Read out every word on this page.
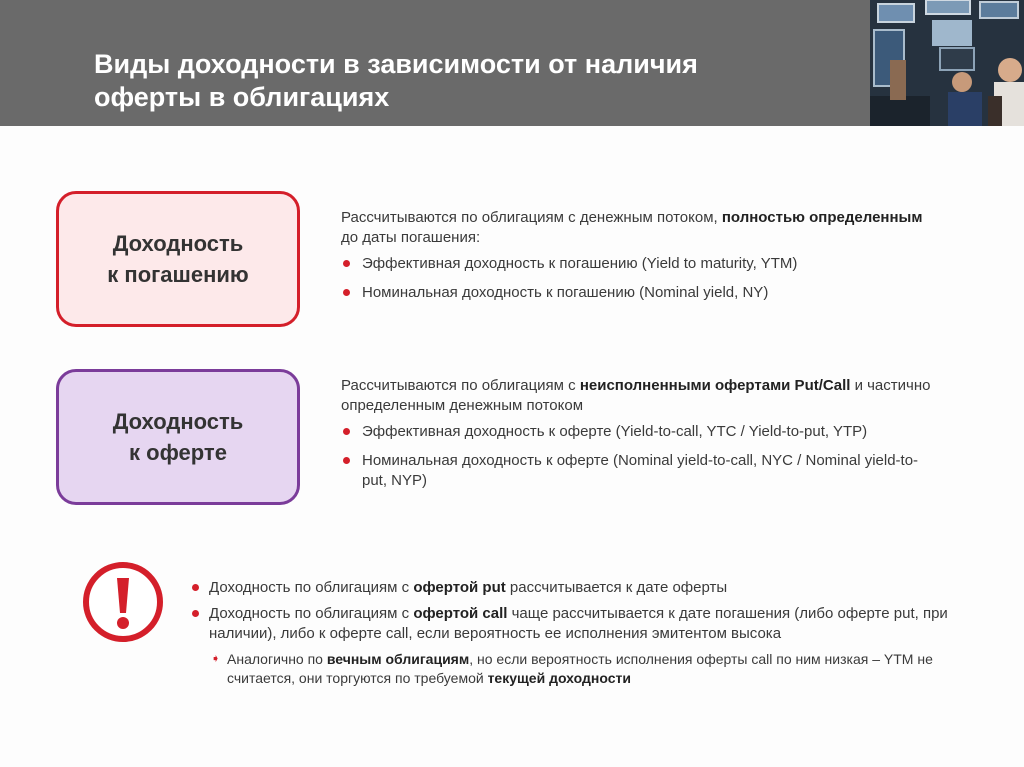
Виды доходности в зависимости от наличия
оферты в облигациях
Доходность
к погашению

Рассчитываются по облигациям с денежным потоком, полностью определенным до даты погашения:

Эффективная доходность к погашению (Yield to maturity, YTM)
Номинальная доходность к погашению (Nominal yield, NY)
Доходность
к оферте

Рассчитываются по облигациям с неисполненными офертами Put/Call и частично определенным денежным потоком

Эффективная доходность к оферте (Yield-to-call, YTC / Yield-to-put, YTP)
Номинальная доходность к оферте (Nominal yield-to-call, NYC / Nominal yield-to-put, NYP)
Доходность по облигациям с офертой put рассчитывается к дате оферты
Доходность по облигациям с офертой call чаще рассчитывается к дате погашения (либо оферте put, при наличии), либо к оферте call, если вероятность ее исполнения эмитентом высока
➧ Аналогично по вечным облигациям, но если вероятность исполнения оферты call по ним низкая – YTM не считается, они торгуются по требуемой текущей доходности
